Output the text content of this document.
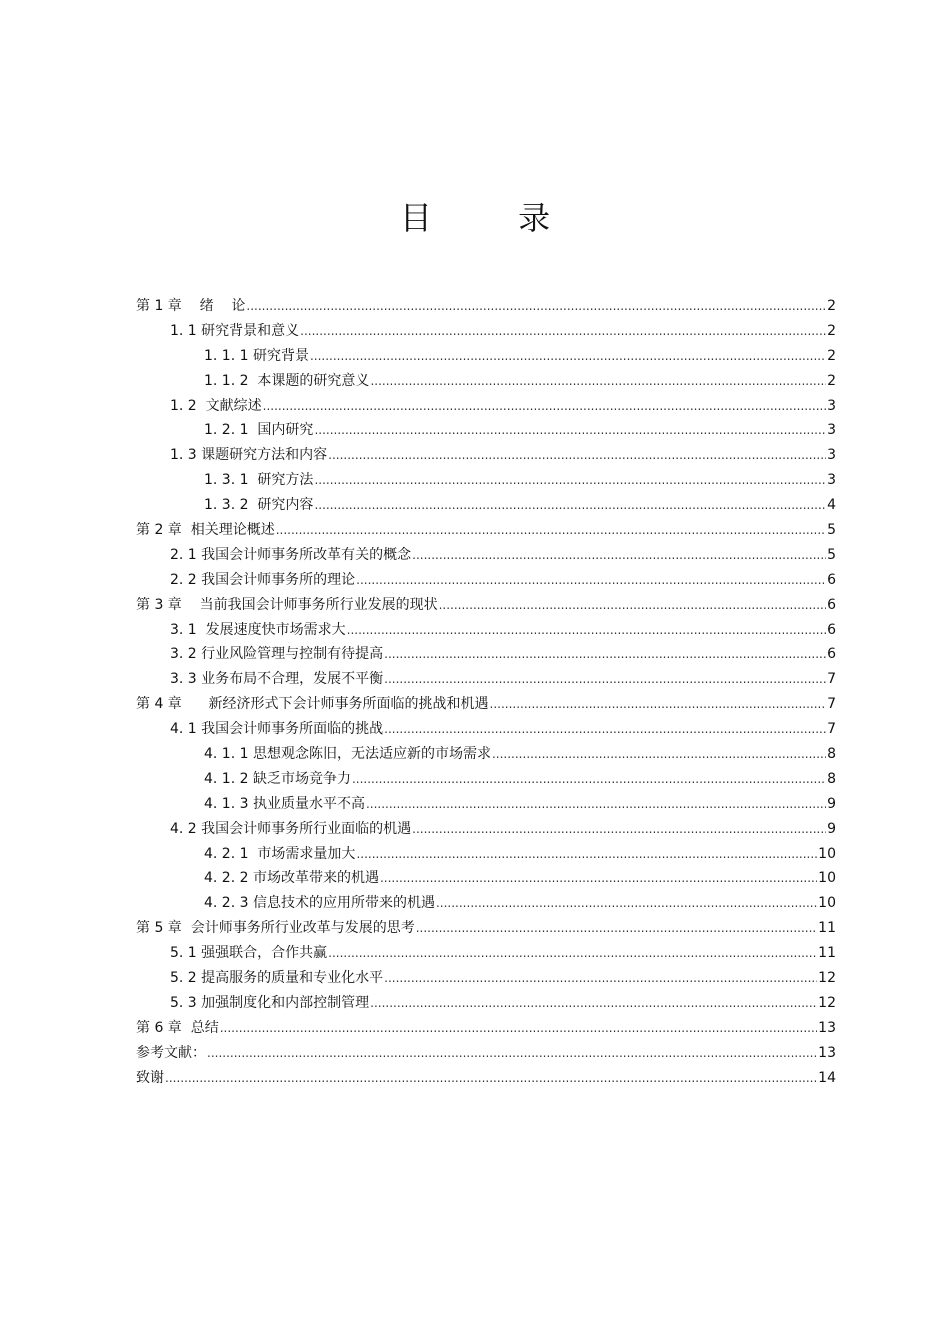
目 录
第 1 章    绪    论 .....	2
1. 1 研究背景和意义 .....	2
1. 1. 1 研究背景 .....	2
1. 1. 2  本课题的研究意义 .....	2
1. 2  文献综述 .....	3
1. 2. 1  国内研究 .....	3
1. 3 课题研究方法和内容 .....	3
1. 3. 1  研究方法 .....	3
1. 3. 2  研究内容 .....	4
第 2 章  相关理论概述 .....	5
2. 1 我国会计师事务所改革有关的概念 .....	5
2. 2 我国会计师事务所的理论 .....	6
第 3 章    当前我国会计师事务所行业发展的现状 .....	6
3. 1  发展速度快市场需求大 .....	6
3. 2 行业风险管理与控制有待提高 .....	6
3. 3 业务布局不合理，发展不平衡 .....	7
第 4 章      新经济形式下会计师事务所面临的挑战和机遇 .....	7
4. 1 我国会计师事务所面临的挑战 .....	7
4. 1. 1 思想观念陈旧，无法适应新的市场需求 .....	8
4. 1. 2 缺乏市场竞争力 .....	8
4. 1. 3 执业质量水平不高 .....	9
4. 2 我国会计师事务所行业面临的机遇 .....	9
4. 2. 1  市场需求量加大 .....	10
4. 2. 2 市场改革带来的机遇 .....	10
4. 2. 3 信息技术的应用所带来的机遇 .....	10
第 5 章  会计师事务所行业改革与发展的思考 .....	11
5. 1 强强联合，合作共赢 .....	11
5. 2 提高服务的质量和专业化水平 .....	12
5. 3 加强制度化和内部控制管理 .....	12
第 6 章  总结 .....	13
参考文献： .....	13
致谢 .....	14
